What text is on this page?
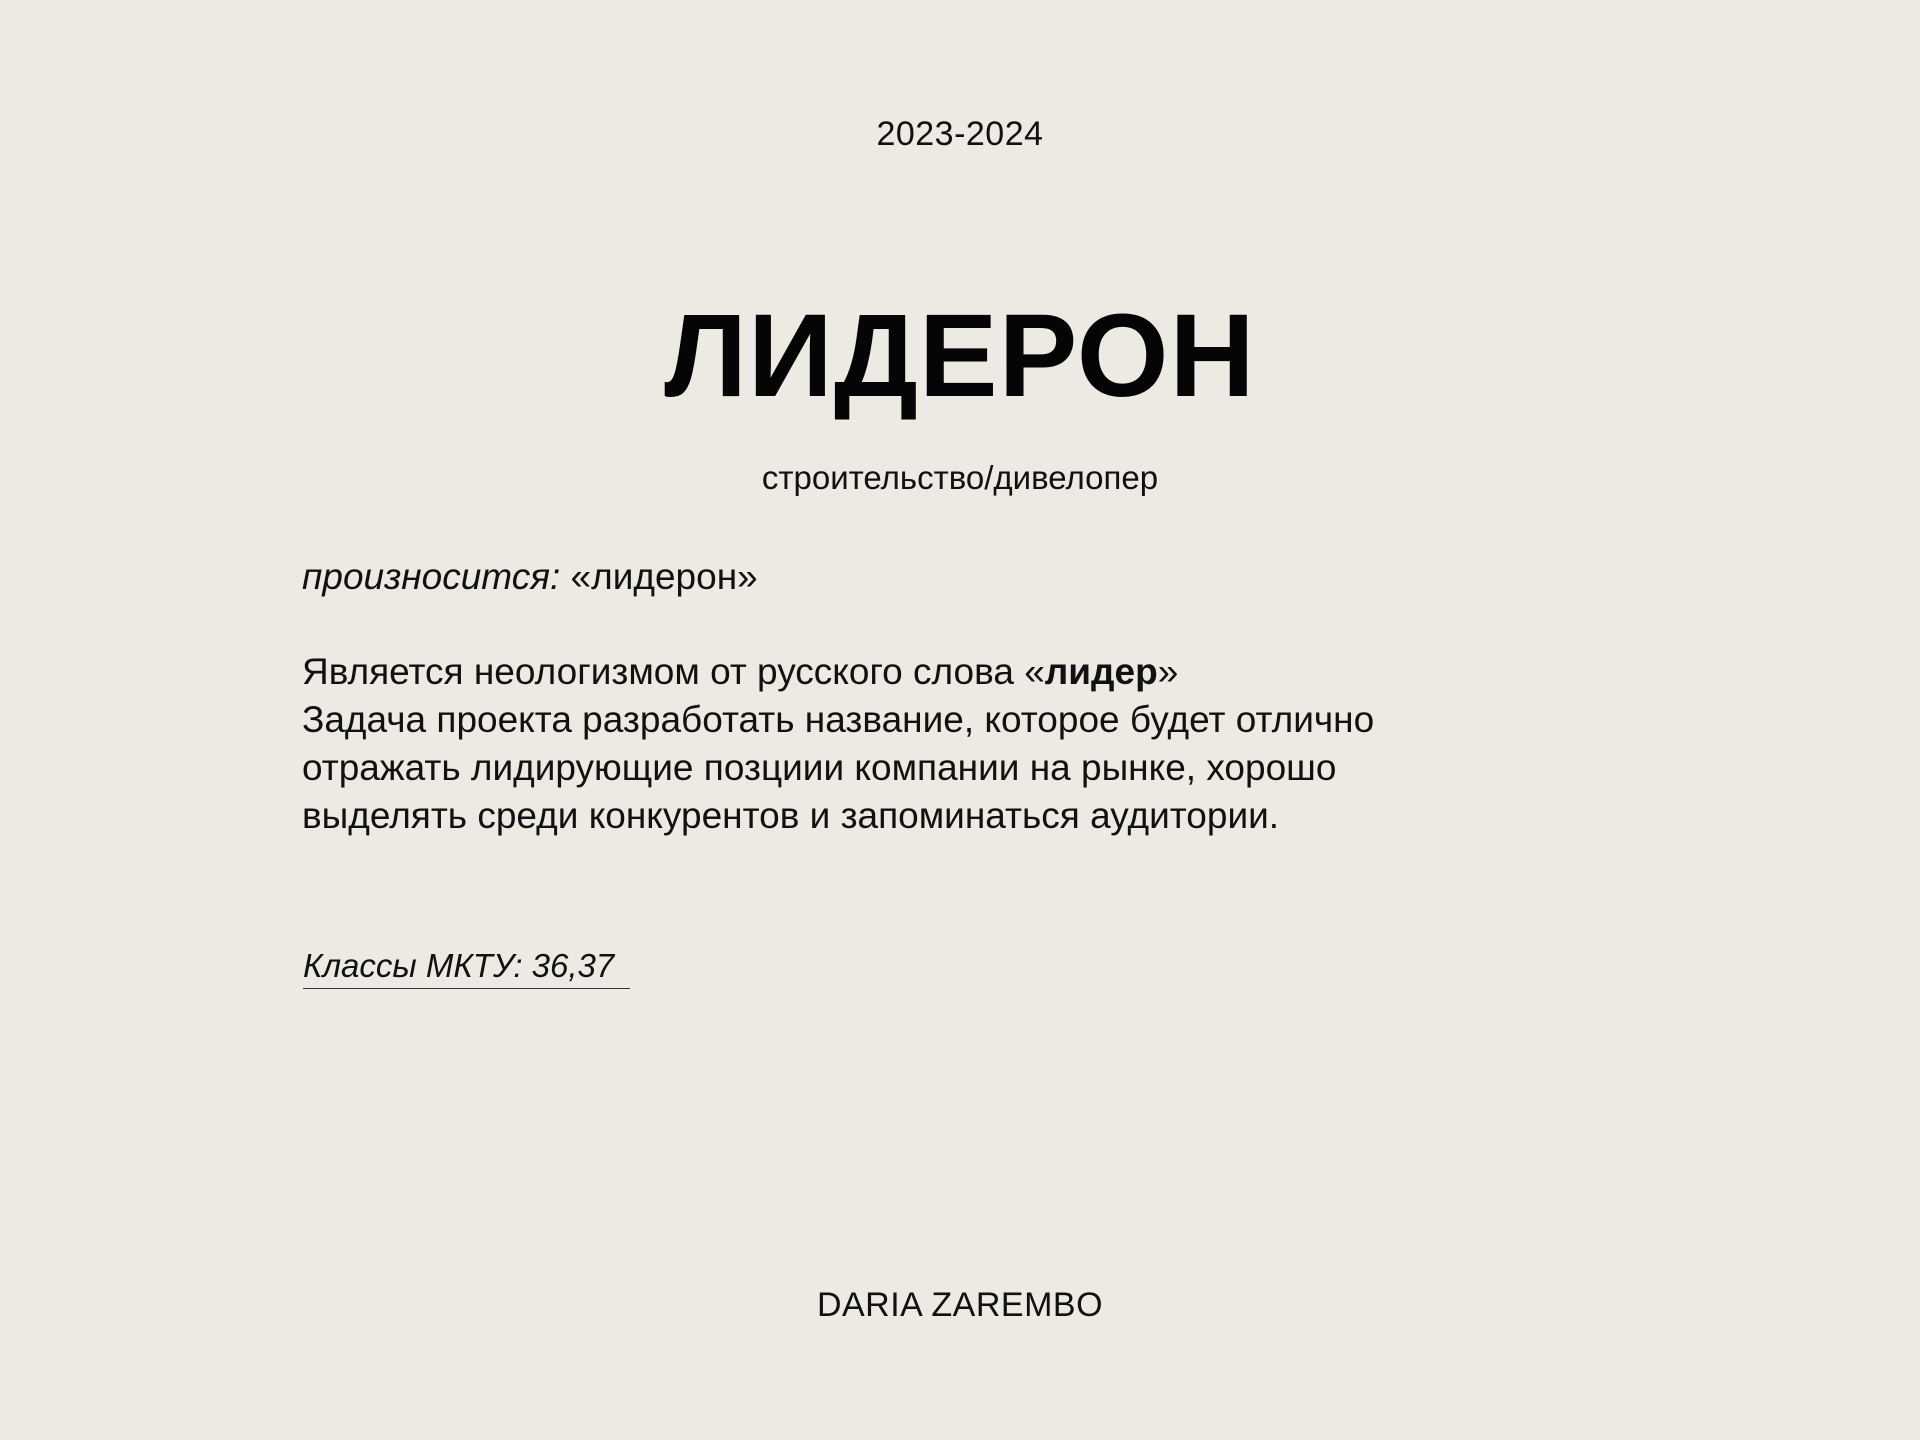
2023-2024
ЛИДЕРОН
строительство/дивелопер
произносится: «лидерон»
Является неологизмом от русского слова «лидер»
Задача проекта разработать название, которое будет отлично
отражать лидирующие позциии компании на рынке, хорошо
выделять среди конкурентов и запоминаться аудитории.
Классы МКТУ: 36,37
DARIA ZAREMBO
